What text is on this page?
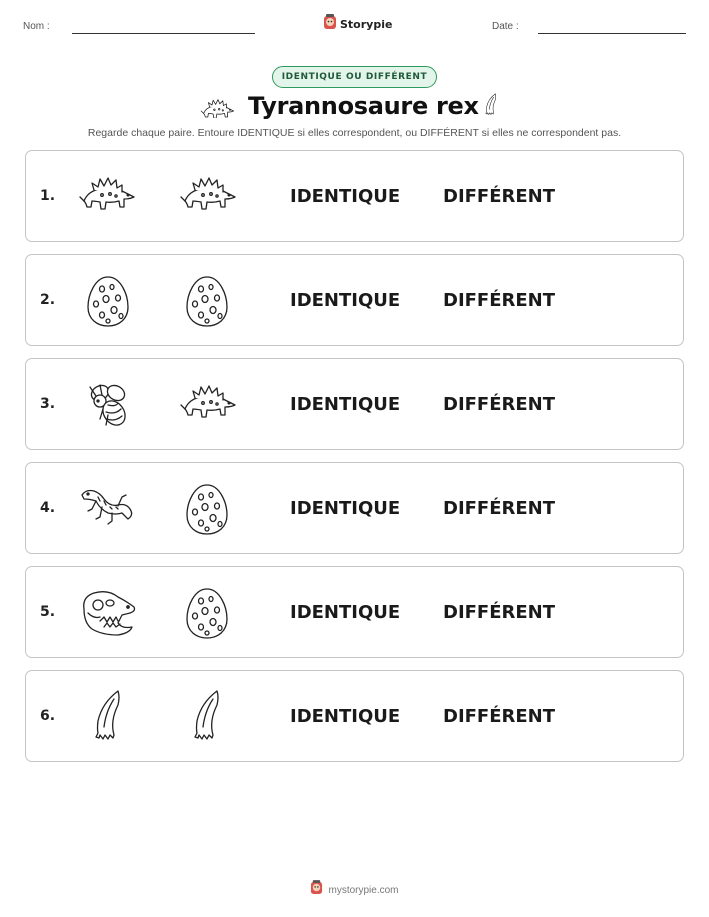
Nom :	Storypie	Date :
IDENTIQUE OU DIFFÉRENT
Tyrannosaure rex
Regarde chaque paire. Entoure IDENTIQUE si elles correspondent, ou DIFFÉRENT si elles ne correspondent pas.
1.	IDENTIQUE DIFFÉRENT
2.	IDENTIQUE DIFFÉRENT
3.	IDENTIQUE DIFFÉRENT
4.	IDENTIQUE DIFFÉRENT
5.	IDENTIQUE DIFFÉRENT
6.	IDENTIQUE DIFFÉRENT
mystorypie.com
